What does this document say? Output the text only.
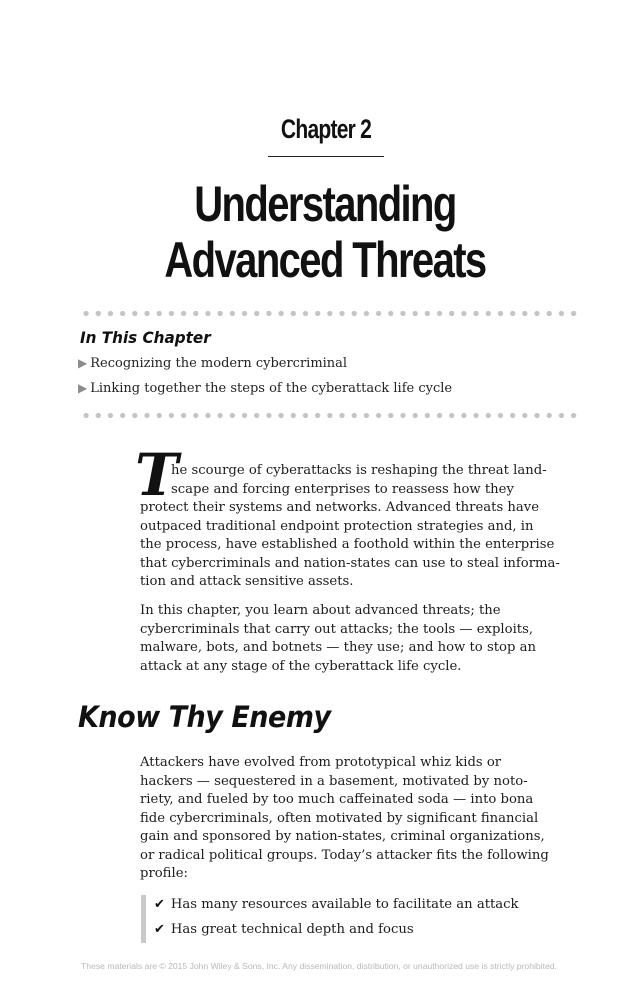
Chapter 2
Understanding
Advanced Threats
In This Chapter
▶ Recognizing the modern cybercriminal
▶ Linking together the steps of the cyberattack life cycle
T
he scourge of cyberattacks is reshaping the threat land-
scape and forcing enterprises to reassess how they
protect their systems and networks. Advanced threats have
outpaced traditional endpoint protection strategies and, in
the process, have established a foothold within the enterprise
that cybercriminals and nation-states can use to steal informa-
tion and attack sensitive assets.
In this chapter, you learn about advanced threats; the
cybercriminals that carry out attacks; the tools — exploits,
malware, bots, and botnets — they use; and how to stop an
attack at any stage of the cyberattack life cycle.
Know Thy Enemy
Attackers have evolved from prototypical whiz kids or
hackers — sequestered in a basement, motivated by noto-
riety, and fueled by too much caffeinated soda — into bona
fide cybercriminals, often motivated by significant financial
gain and sponsored by nation-states, criminal organizations,
or radical political groups. Today’s attacker fits the following
profile:
✔ Has many resources available to facilitate an attack
✔ Has great technical depth and focus
These materials are © 2015 John Wiley & Sons, Inc. Any dissemination, distribution, or unauthorized use is strictly prohibited.
